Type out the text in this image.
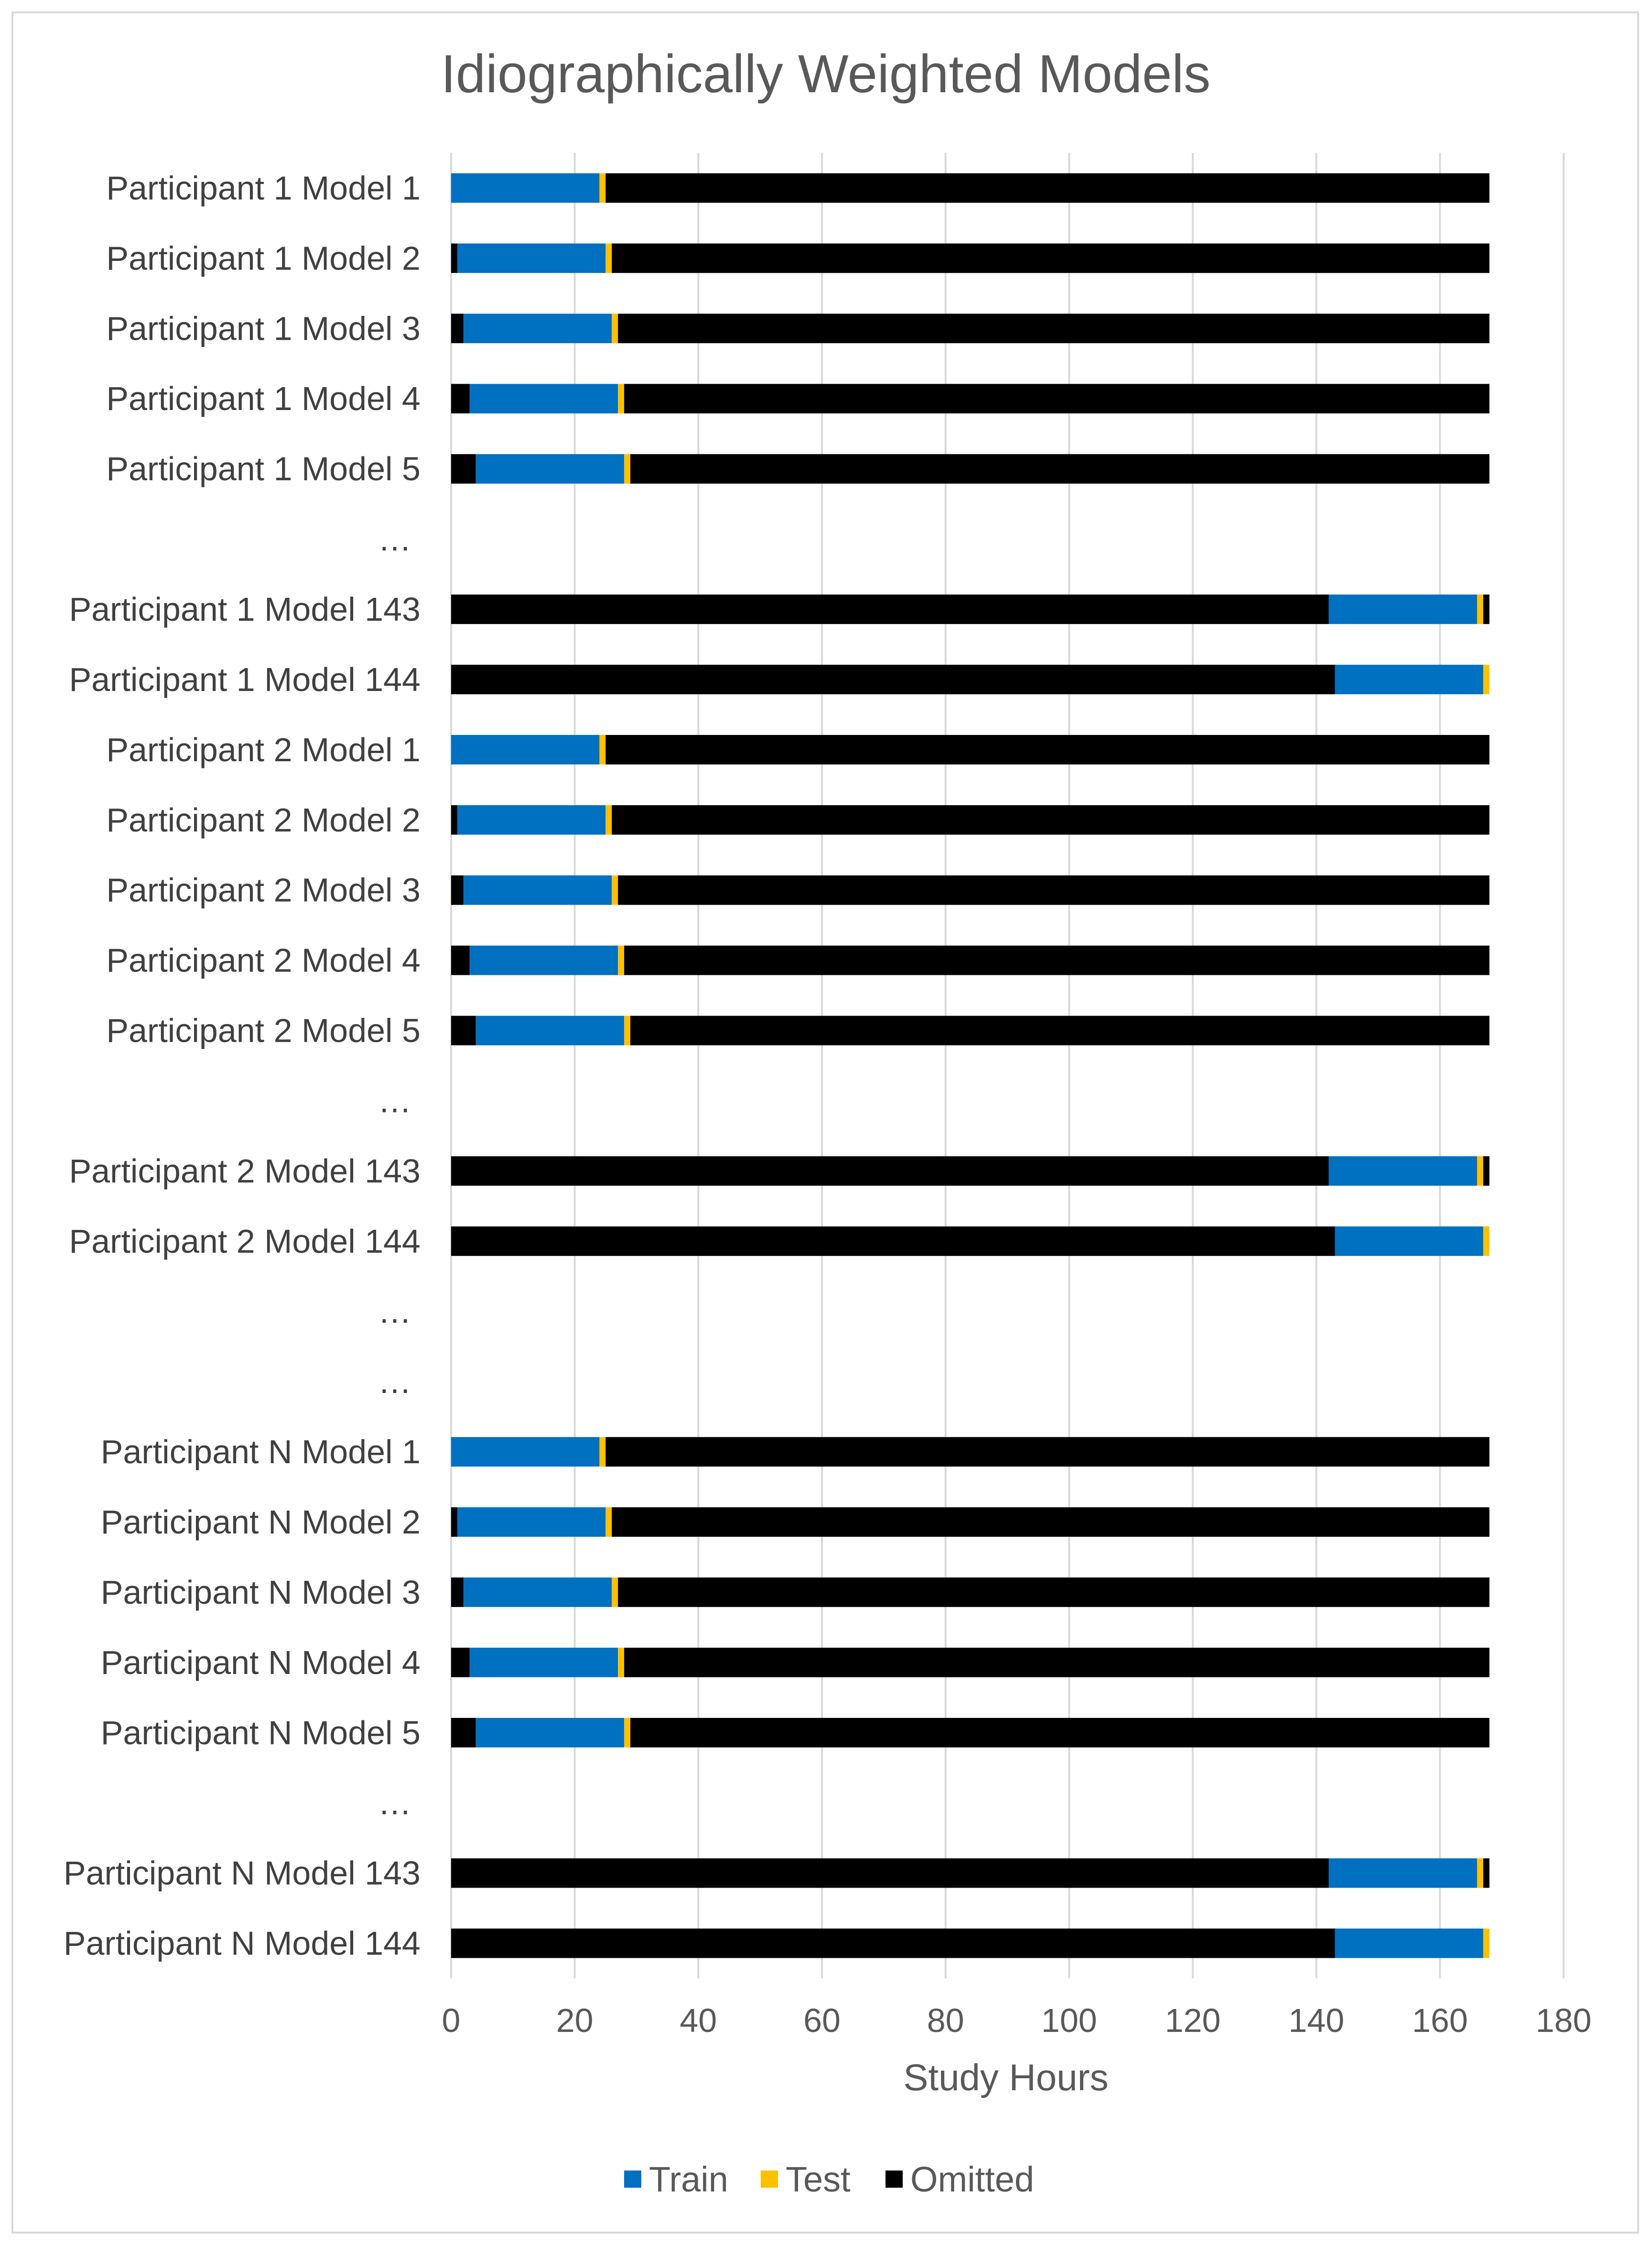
Idiographically Weighted Models
Participant 1 Model 1
Participant 1 Model 2
Participant 1 Model 3
Participant 1 Model 4
Participant 1 Model 5
…
Participant 1 Model 143
Participant 1 Model 144
Participant 2 Model 1
Participant 2 Model 2
Participant 2 Model 3
Participant 2 Model 4
Participant 2 Model 5
…
Participant 2 Model 143
Participant 2 Model 144
…
…
Participant N Model 1
Participant N Model 2
Participant N Model 3
Participant N Model 4
Participant N Model 5
…
Participant N Model 143
Participant N Model 144
0	20	40	60	80 100 120 140 160 180
Study Hours
Train Test Omitted
